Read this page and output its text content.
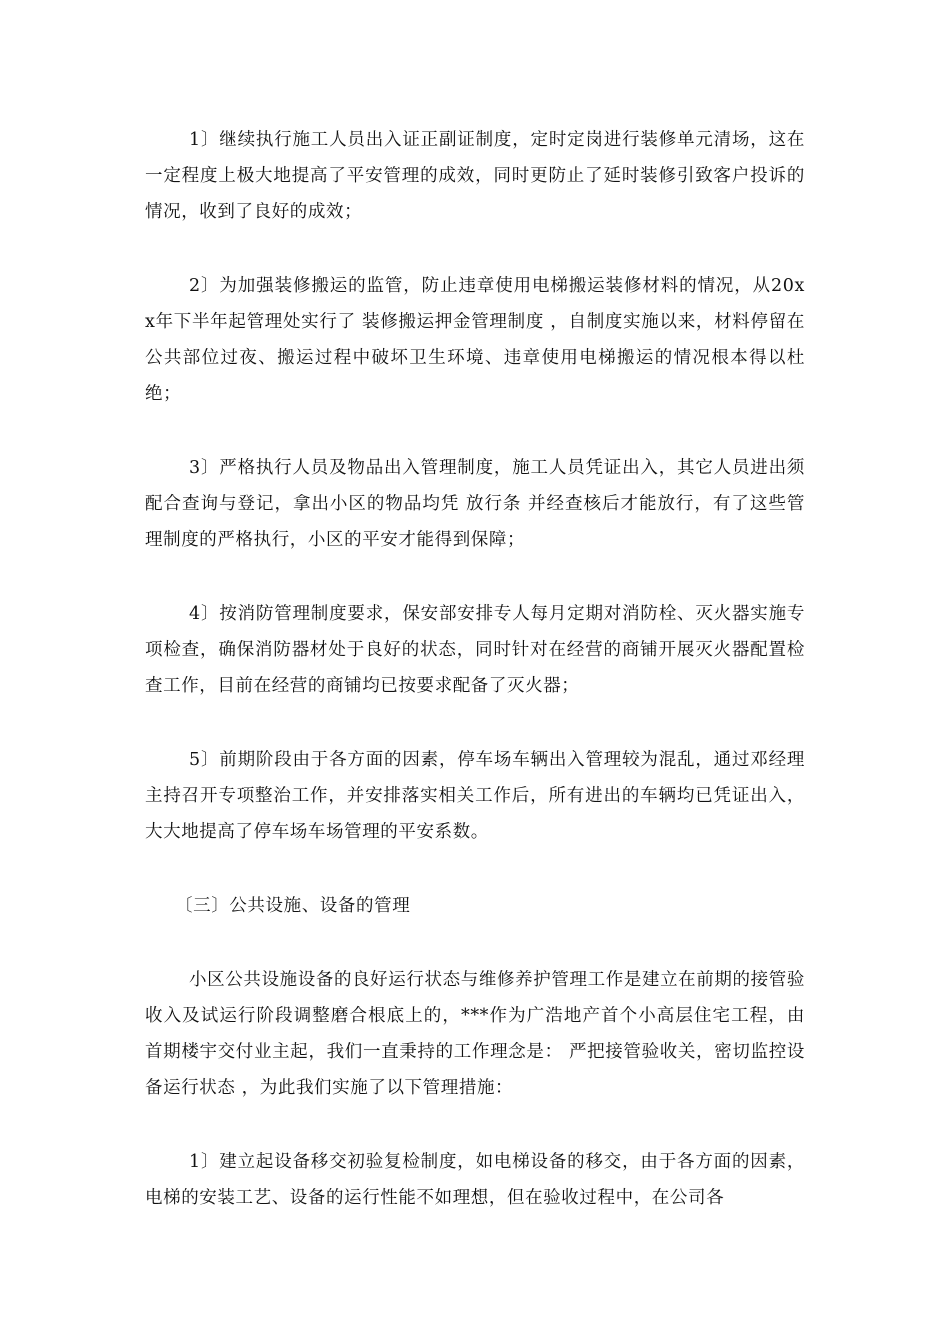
1〕继续执行施工人员出入证正副证制度，定时定岗进行装修单元清场，这在一定程度上极大地提高了平安管理的成效，同时更防止了延时装修引致客户投诉的情况，收到了良好的成效；

2〕为加强装修搬运的监管，防止违章使用电梯搬运装修材料的情况，从20xx年下半年起管理处实行了 装修搬运押金管理制度 ，自制度实施以来，材料停留在公共部位过夜、搬运过程中破坏卫生环境、违章使用电梯搬运的情况根本得以杜绝；

3〕严格执行人员及物品出入管理制度，施工人员凭证出入，其它人员进出须配合查询与登记，拿出小区的物品均凭 放行条 并经查核后才能放行，有了这些管理制度的严格执行，小区的平安才能得到保障；

4〕按消防管理制度要求，保安部安排专人每月定期对消防栓、灭火器实施专项检查，确保消防器材处于良好的状态，同时针对在经营的商铺开展灭火器配置检查工作，目前在经营的商铺均已按要求配备了灭火器；

5〕前期阶段由于各方面的因素，停车场车辆出入管理较为混乱，通过邓经理主持召开专项整治工作，并安排落实相关工作后，所有进出的车辆均已凭证出入，大大地提高了停车场车场管理的平安系数。

〔三〕公共设施、设备的管理

小区公共设施设备的良好运行状态与维修养护管理工作是建立在前期的接管验收入及试运行阶段调整磨合根底上的，***作为广浩地产首个小高层住宅工程，由首期楼宇交付业主起，我们一直秉持的工作理念是： 严把接管验收关，密切监控设备运行状态 ，为此我们实施了以下管理措施：

1〕建立起设备移交初验复检制度，如电梯设备的移交，由于各方面的因素，电梯的安装工艺、设备的运行性能不如理想，但在验收过程中，在公司各
